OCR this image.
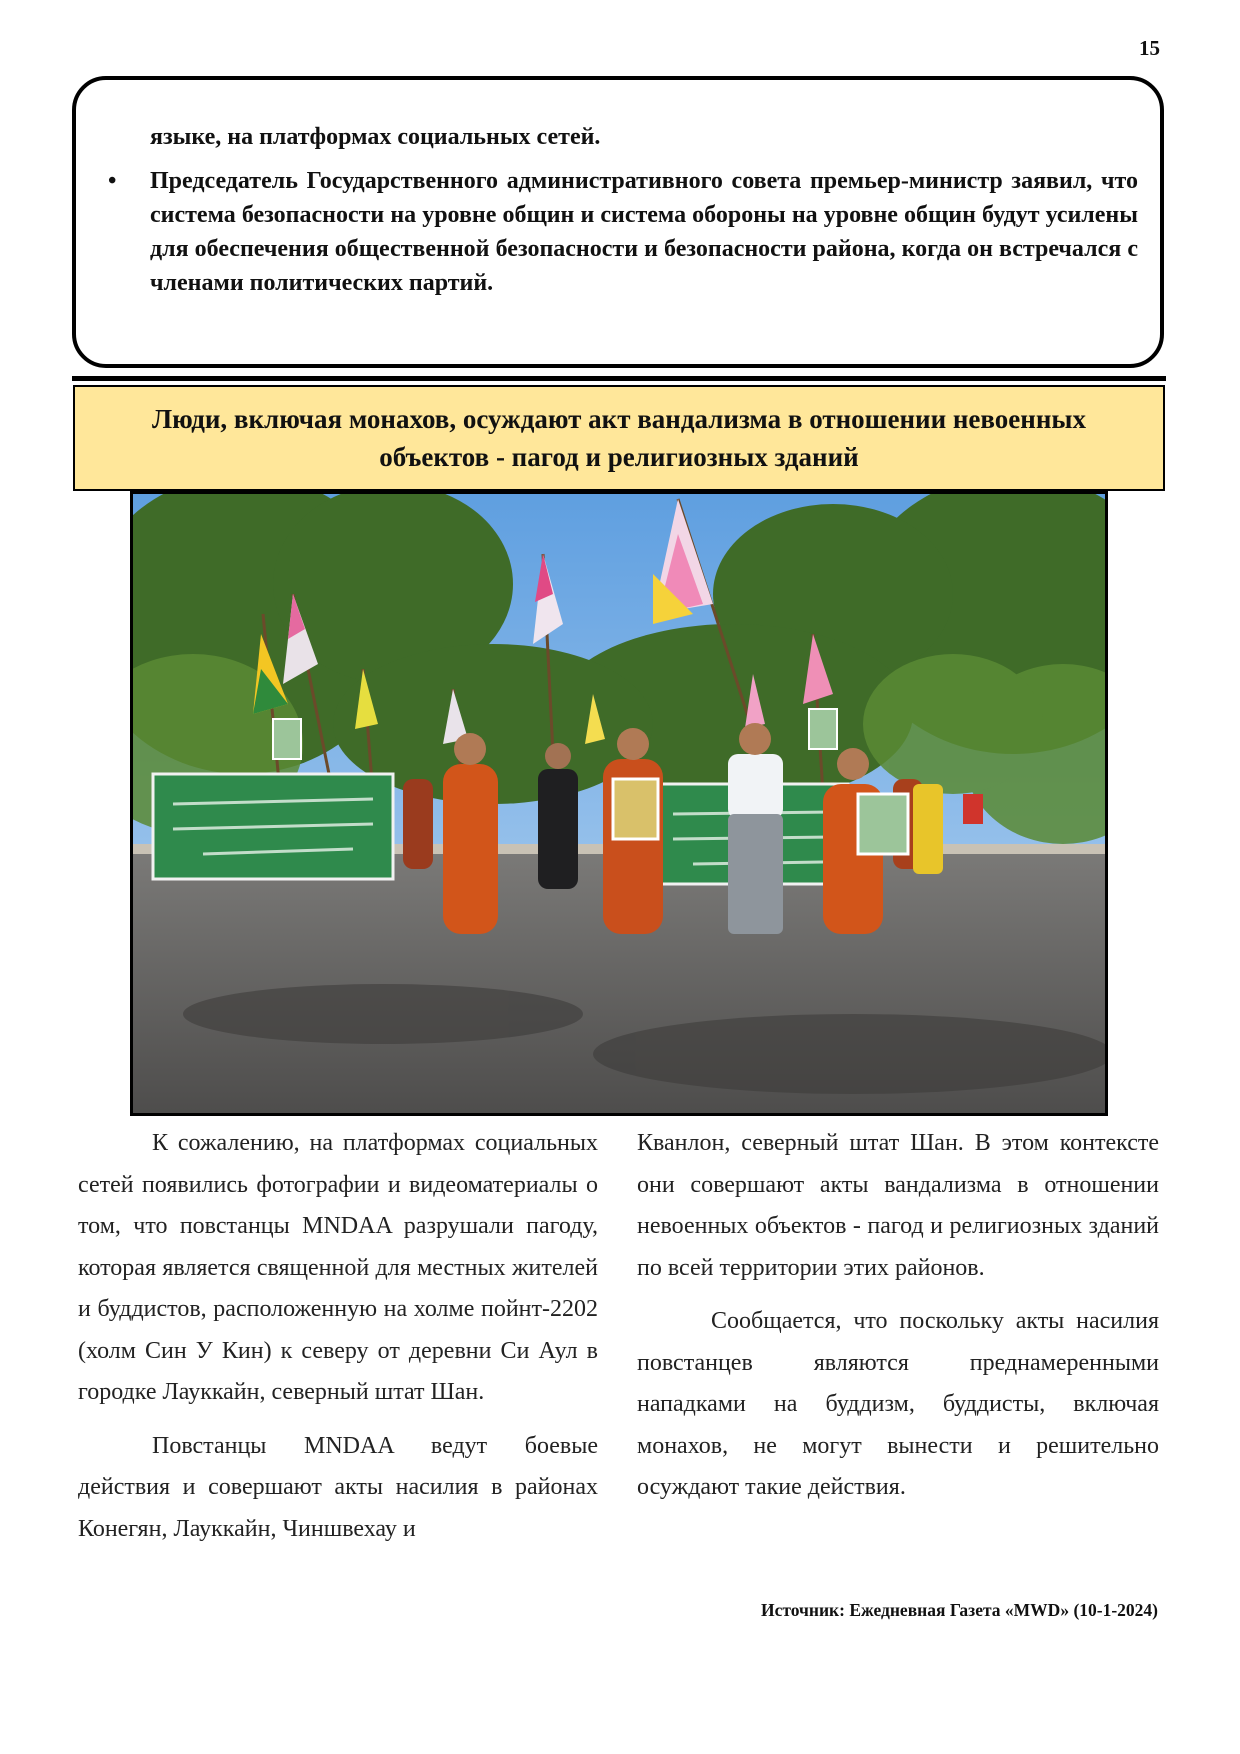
15

языке, на платформах социальных сетей.

• Председатель Государственного административного совета премьер-министр заявил, что система безопасности на уровне общин и система обороны на уровне общин будут усилены для обеспечения общественной безопасности и безопасности района, когда он встречался с членами политических партий.
Люди, включая монахов, осуждают акт вандализма в отношении невоенных объектов - пагод и религиозных зданий

К сожалению, на платформах социальных сетей появились фотографии и видеоматериалы о том, что повстанцы MNDAA разрушали пагоду, которая является священной для местных жителей и буддистов, расположенную на холме пойнт-2202 (холм Син У Кин) к северу от деревни Си Аул в городке Лауккайн, северный штат Шан.

Повстанцы MNDAA ведут боевые действия и совершают акты насилия в районах Конегян, Лауккайн, Чиншвехау и

Кванлон, северный штат Шан. В этом контексте они совершают акты вандализма в отношении невоенных объектов - пагод и религиозных зданий по всей территории этих районов.

Сообщается, что поскольку акты насилия повстанцев являются преднамеренными нападками на буддизм, буддисты, включая монахов, не могут вынести и решительно осуждают такие действия.

Источник: Ежедневная Газета «MWD» (10-1-2024)
